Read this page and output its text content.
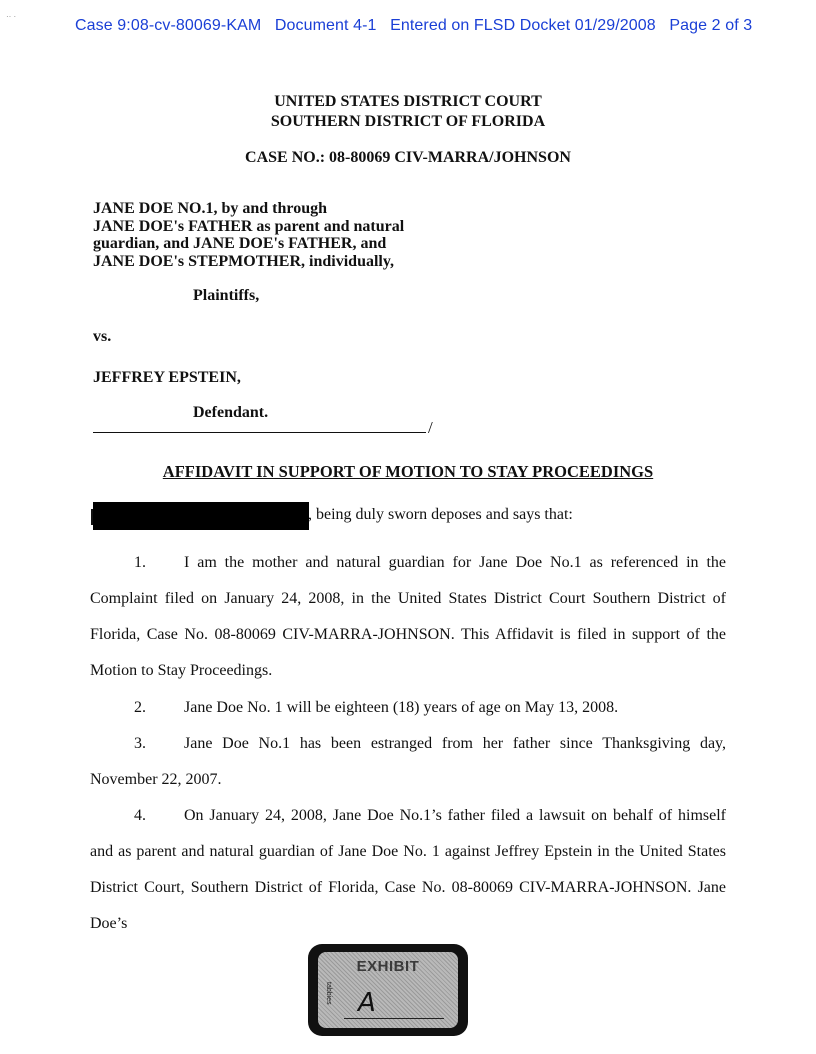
·· ·
Case 9:08-cv-80069-KAM Document 4-1 Entered on FLSD Docket 01/29/2008 Page 2 of 3
UNITED STATES DISTRICT COURT
SOUTHERN DISTRICT OF FLORIDA
CASE NO.: 08-80069 CIV-MARRA/JOHNSON
JANE DOE NO.1, by and through
JANE DOE's FATHER as parent and natural
guardian, and JANE DOE's FATHER, and
JANE DOE's STEPMOTHER, individually,
Plaintiffs,
vs.
JEFFREY EPSTEIN,
Defendant.
/
AFFIDAVIT IN SUPPORT OF MOTION TO STAY PROCEEDINGS
, being duly sworn deposes and says that:

1. I am the mother and natural guardian for Jane Doe No.1 as referenced in the Complaint filed on January 24, 2008, in the United States District Court Southern District of Florida, Case No. 08-80069 CIV-MARRA-JOHNSON. This Affidavit is filed in support of the Motion to Stay Proceedings.

2. Jane Doe No. 1 will be eighteen (18) years of age on May 13, 2008.

3. Jane Doe No.1 has been estranged from her father since Thanksgiving day, November 22, 2007.

4. On January 24, 2008, Jane Doe No.1’s father filed a lawsuit on behalf of himself and as parent and natural guardian of Jane Doe No. 1 against Jeffrey Epstein in the United States District Court, Southern District of Florida, Case No. 08-80069 CIV-MARRA-JOHNSON. Jane Doe’s

EXHIBIT
tabbies A
